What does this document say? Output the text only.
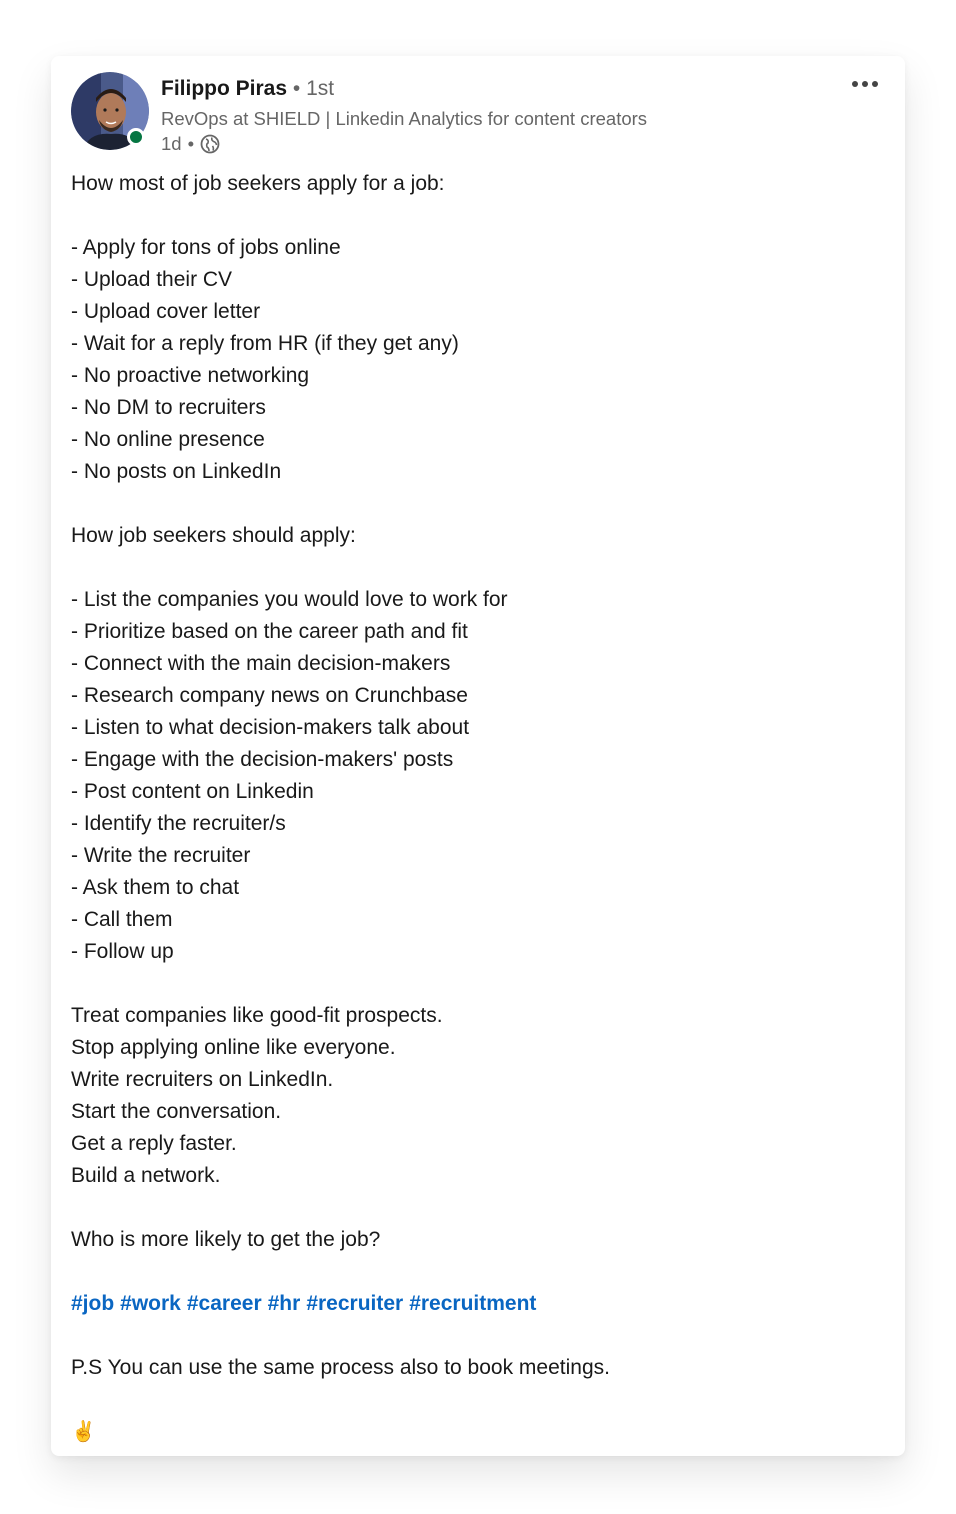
Filippo Piras • 1st
RevOps at SHIELD | Linkedin Analytics for content creators
1d •
How most of job seekers apply for a job:
- Apply for tons of jobs online
- Upload their CV
- Upload cover letter
- Wait for a reply from HR (if they get any)
- No proactive networking
- No DM to recruiters
- No online presence
- No posts on LinkedIn
How job seekers should apply:
- List the companies you would love to work for
- Prioritize based on the career path and fit
- Connect with the main decision-makers
- Research company news on Crunchbase
- Listen to what decision-makers talk about
- Engage with the decision-makers' posts
- Post content on Linkedin
- Identify the recruiter/s
- Write the recruiter
- Ask them to chat
- Call them
- Follow up
Treat companies like good-fit prospects.
Stop applying online like everyone.
Write recruiters on LinkedIn.
Start the conversation.
Get a reply faster.
Build a network.
Who is more likely to get the job?
#job #work #career #hr #recruiter #recruitment
P.S You can use the same process also to book meetings.
✌️
